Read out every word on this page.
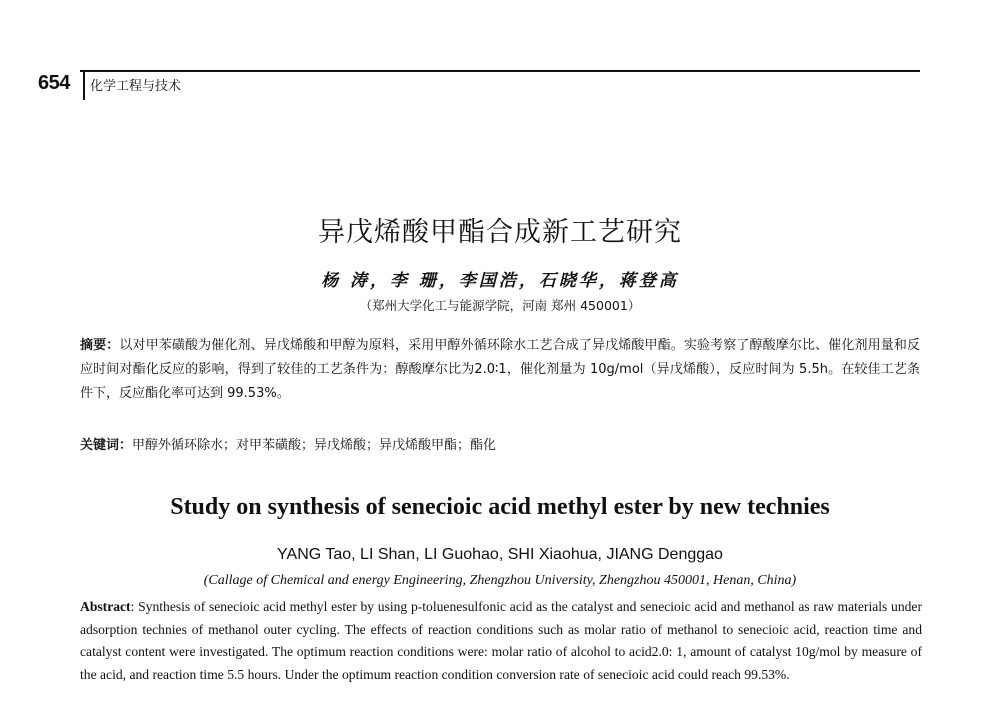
654 化学工程与技术
异戊烯酸甲酯合成新工艺研究
杨 涛，李 珊，李国浩，石晓华，蒋登高
（郑州大学化工与能源学院，河南 郑州 450001）
摘要：以对甲苯磺酸为催化剂、异戊烯酸和甲醇为原料，采用甲醇外循环除水工艺合成了异戊烯酸甲酯。实验考察了醇酸摩尔比、催化剂用量和反应时间对酯化反应的影响，得到了较佳的工艺条件为：醇酸摩尔比为2.0∶1，催化剂量为 10g/mol（异戊烯酸），反应时间为 5.5h。在较佳工艺条件下，反应酯化率可达到 99.53%。
关键词：甲醇外循环除水；对甲苯磺酸；异戊烯酸；异戊烯酸甲酯；酯化
Study on synthesis of senecioic acid methyl ester by new technies
YANG Tao, LI Shan, LI Guohao, SHI Xiaohua, JIANG Denggao
(Callage of Chemical and energy Engineering, Zhengzhou University, Zhengzhou 450001, Henan, China)
Abstract: Synthesis of senecioic acid methyl ester by using p-toluenesulfonic acid as the catalyst and senecioic acid and methanol as raw materials under adsorption technies of methanol outer cycling. The effects of reaction conditions such as molar ratio of methanol to senecioic acid, reaction time and catalyst content were investigated. The optimum reaction conditions were: molar ratio of alcohol to acid2.0: 1, amount of catalyst 10g/mol by measure of the acid, and reaction time 5.5 hours. Under the optimum reaction condition conversion rate of senecioic acid could reach 99.53%.
